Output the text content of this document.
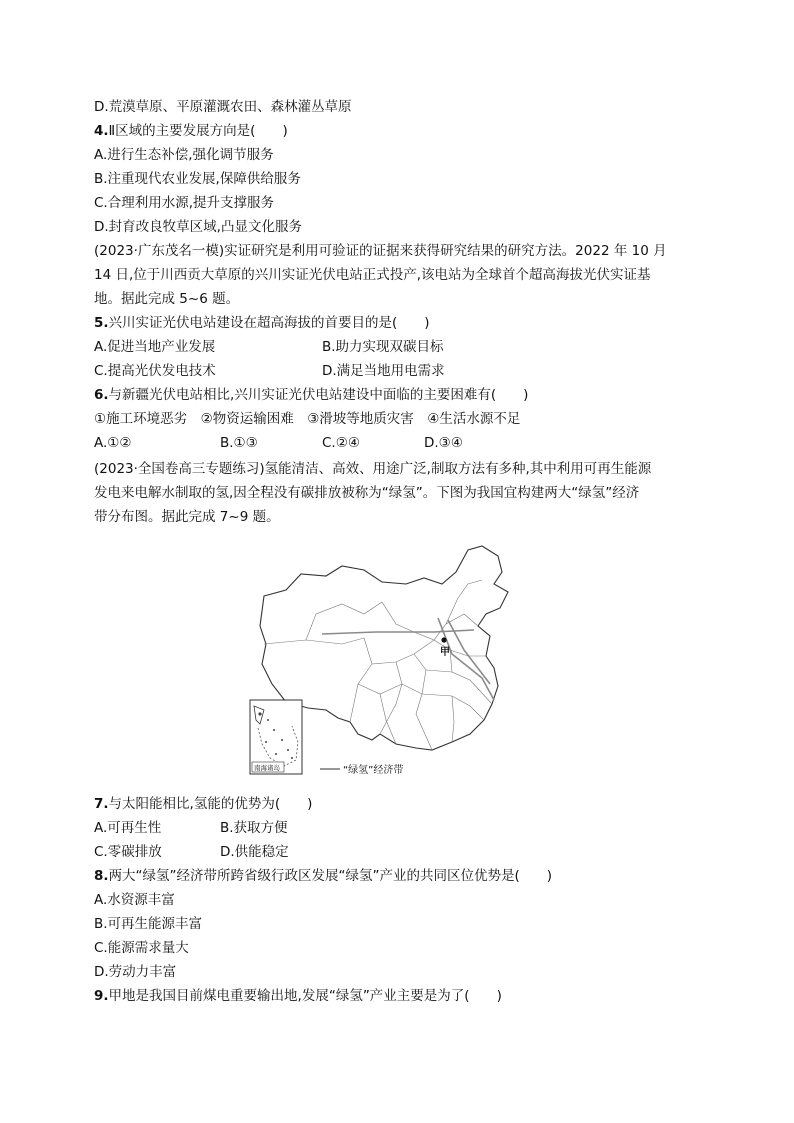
D.荒漠草原、平原灌溉农田、森林灌丛草原
4.Ⅱ区域的主要发展方向是(　　)
A.进行生态补偿,强化调节服务
B.注重现代农业发展,保障供给服务
C.合理利用水源,提升支撑服务
D.封育改良牧草区域,凸显文化服务
(2023·广东茂名一模)实证研究是利用可验证的证据来获得研究结果的研究方法。2022 年 10 月
14 日,位于川西贡大草原的兴川实证光伏电站正式投产,该电站为全球首个超高海拔光伏实证基
地。据此完成 5~6 题。
5.兴川实证光伏电站建设在超高海拔的首要目的是(　　)
A.促进当地产业发展	B.助力实现双碳目标
C.提高光伏发电技术	D.满足当地用电需求
6.与新疆光伏电站相比,兴川实证光伏电站建设中面临的主要困难有(　　)
①施工环境恶劣　②物资运输困难　③滑坡等地质灾害　④生活水源不足
A.①②	B.①③	C.②④	D.③④
(2023·全国卷高三专题练习)氢能清洁、高效、用途广泛,制取方法有多种,其中利用可再生能源
发电来电解水制取的氢,因全程没有碳排放被称为“绿氢”。下图为我国宜构建两大“绿氢”经济
带分布图。据此完成 7~9 题。
甲
南海诸岛	“绿氢”经济带
7.与太阳能相比,氢能的优势为(　　)
A.可再生性	B.获取方便
C.零碳排放	D.供能稳定
8.两大“绿氢”经济带所跨省级行政区发展“绿氢”产业的共同区位优势是(　　)
A.水资源丰富
B.可再生能源丰富
C.能源需求量大
D.劳动力丰富
9.甲地是我国目前煤电重要输出地,发展“绿氢”产业主要是为了(　　)
